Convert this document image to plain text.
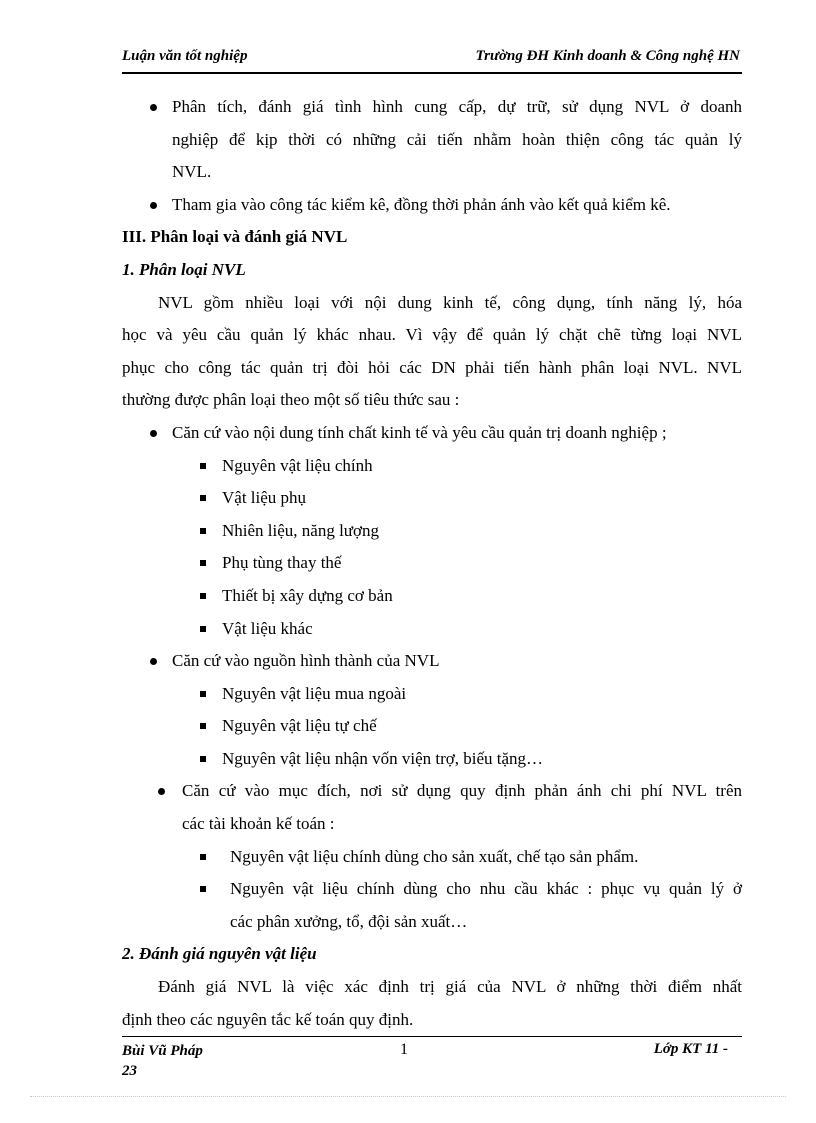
Luận văn tốt nghiệp	Trường ĐH Kinh doanh & Công nghệ HN
Phân tích, đánh giá tình hình cung cấp, dự trữ, sử dụng NVL ở doanh
nghiệp để kịp thời có những cải tiến nhằm hoàn thiện công tác quản lý
NVL.
Tham gia vào công tác kiểm kê, đồng thời phản ánh vào kết quả kiểm kê.
III. Phân loại và đánh giá NVL
1. Phân loại NVL
NVL gồm nhiều loại với nội dung kinh tế, công dụng, tính năng lý, hóa
học và yêu cầu quản lý khác nhau. Vì vậy để quản lý chặt chẽ từng loại NVL
phục cho công tác quản trị đòi hỏi các DN phải tiến hành phân loại NVL. NVL
thường được phân loại theo một số tiêu thức sau :
Căn cứ vào nội dung tính chất kinh tế và yêu cầu quản trị doanh nghiệp ;
Nguyên vật liệu chính
Vật liệu phụ
Nhiên liệu, năng lượng
Phụ tùng thay thế
Thiết bị xây dựng cơ bản
Vật liệu khác
Căn cứ vào nguồn hình thành của NVL
Nguyên vật liệu mua ngoài
Nguyên vật liệu tự chế
Nguyên vật liệu nhận vốn viện trợ, biếu tặng…
Căn cứ vào mục đích, nơi sử dụng quy định phản ánh chi phí NVL trên
các tài khoản kế toán :
Nguyên vật liệu chính dùng cho sản xuất, chế tạo sản phẩm.
Nguyên vật liệu chính dùng cho nhu cầu khác : phục vụ quản lý ở
các phân xưởng, tổ, đội sản xuất…
2. Đánh giá nguyên vật liệu
Đánh giá NVL là việc xác định trị giá của NVL ở những thời điểm nhất
định theo các nguyên tắc kế toán quy định.
Bùi Vũ Pháp
23
1	Lớp KT 11 -
